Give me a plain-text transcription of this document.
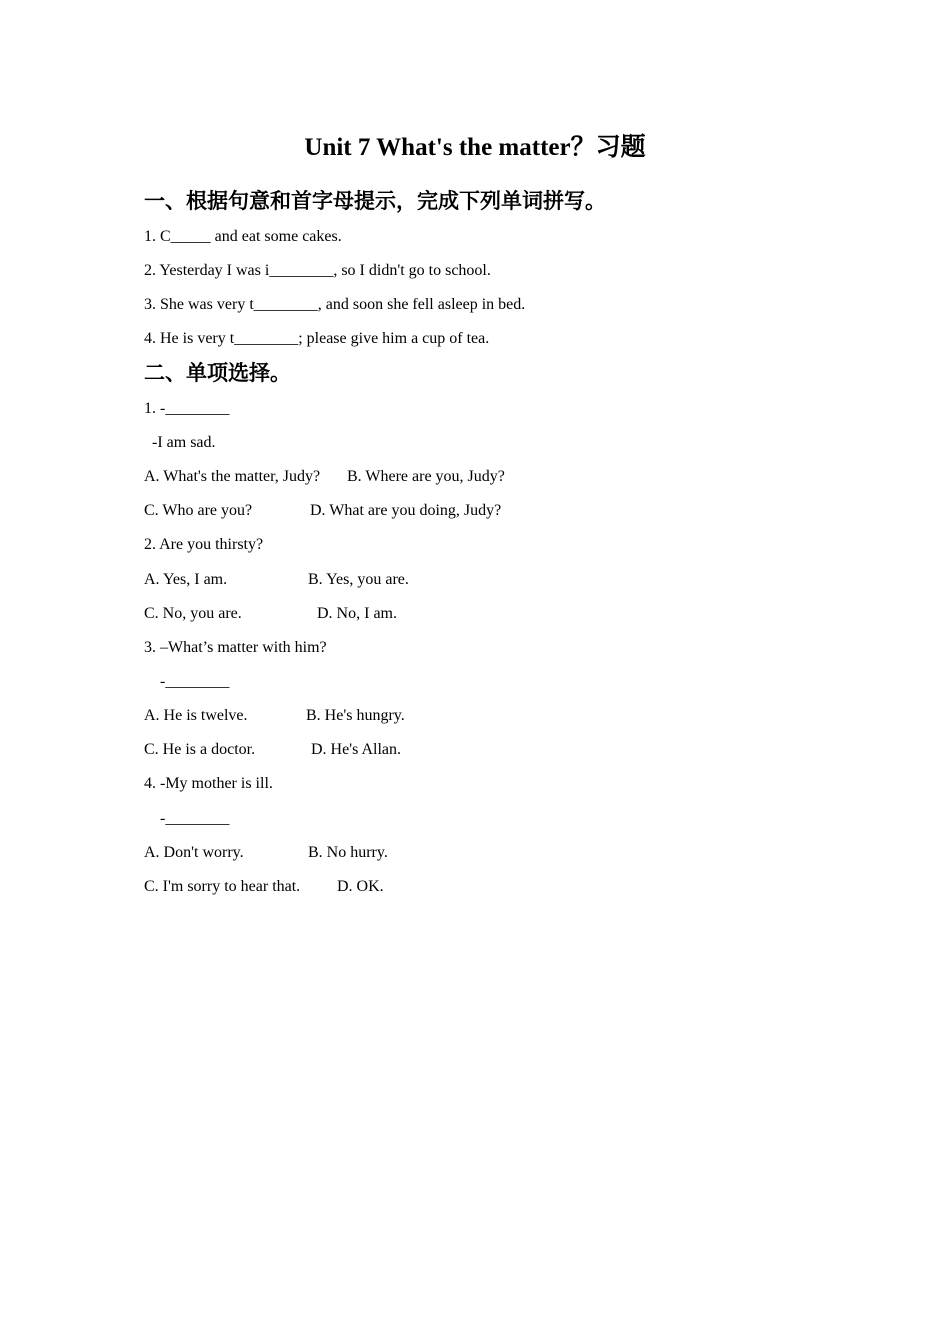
Unit 7 What's the matter？习题
一、根据句意和首字母提示，完成下列单词拼写。
1. C_____ and eat some cakes.
2. Yesterday I was i________, so I didn't go to school.
3. She was very t________, and soon she fell asleep in bed.
4. He is very t________; please give him a cup of tea.
二、单项选择。
1. -________
-I am sad.
A. What's the matter, Judy? B. Where are you, Judy?
C. Who are you?	D. What are you doing, Judy?
2. Are you thirsty?
A. Yes, I am.	B. Yes, you are.
C. No, you are.	D. No, I am.
3. –What’s matter with him?
-________
A. He is twelve.	B. He's hungry.
C. He is a doctor.	D. He's Allan.
4. -My mother is ill.
-________
A. Don't worry.	B. No hurry.
C. I'm sorry to hear that. D. OK.
